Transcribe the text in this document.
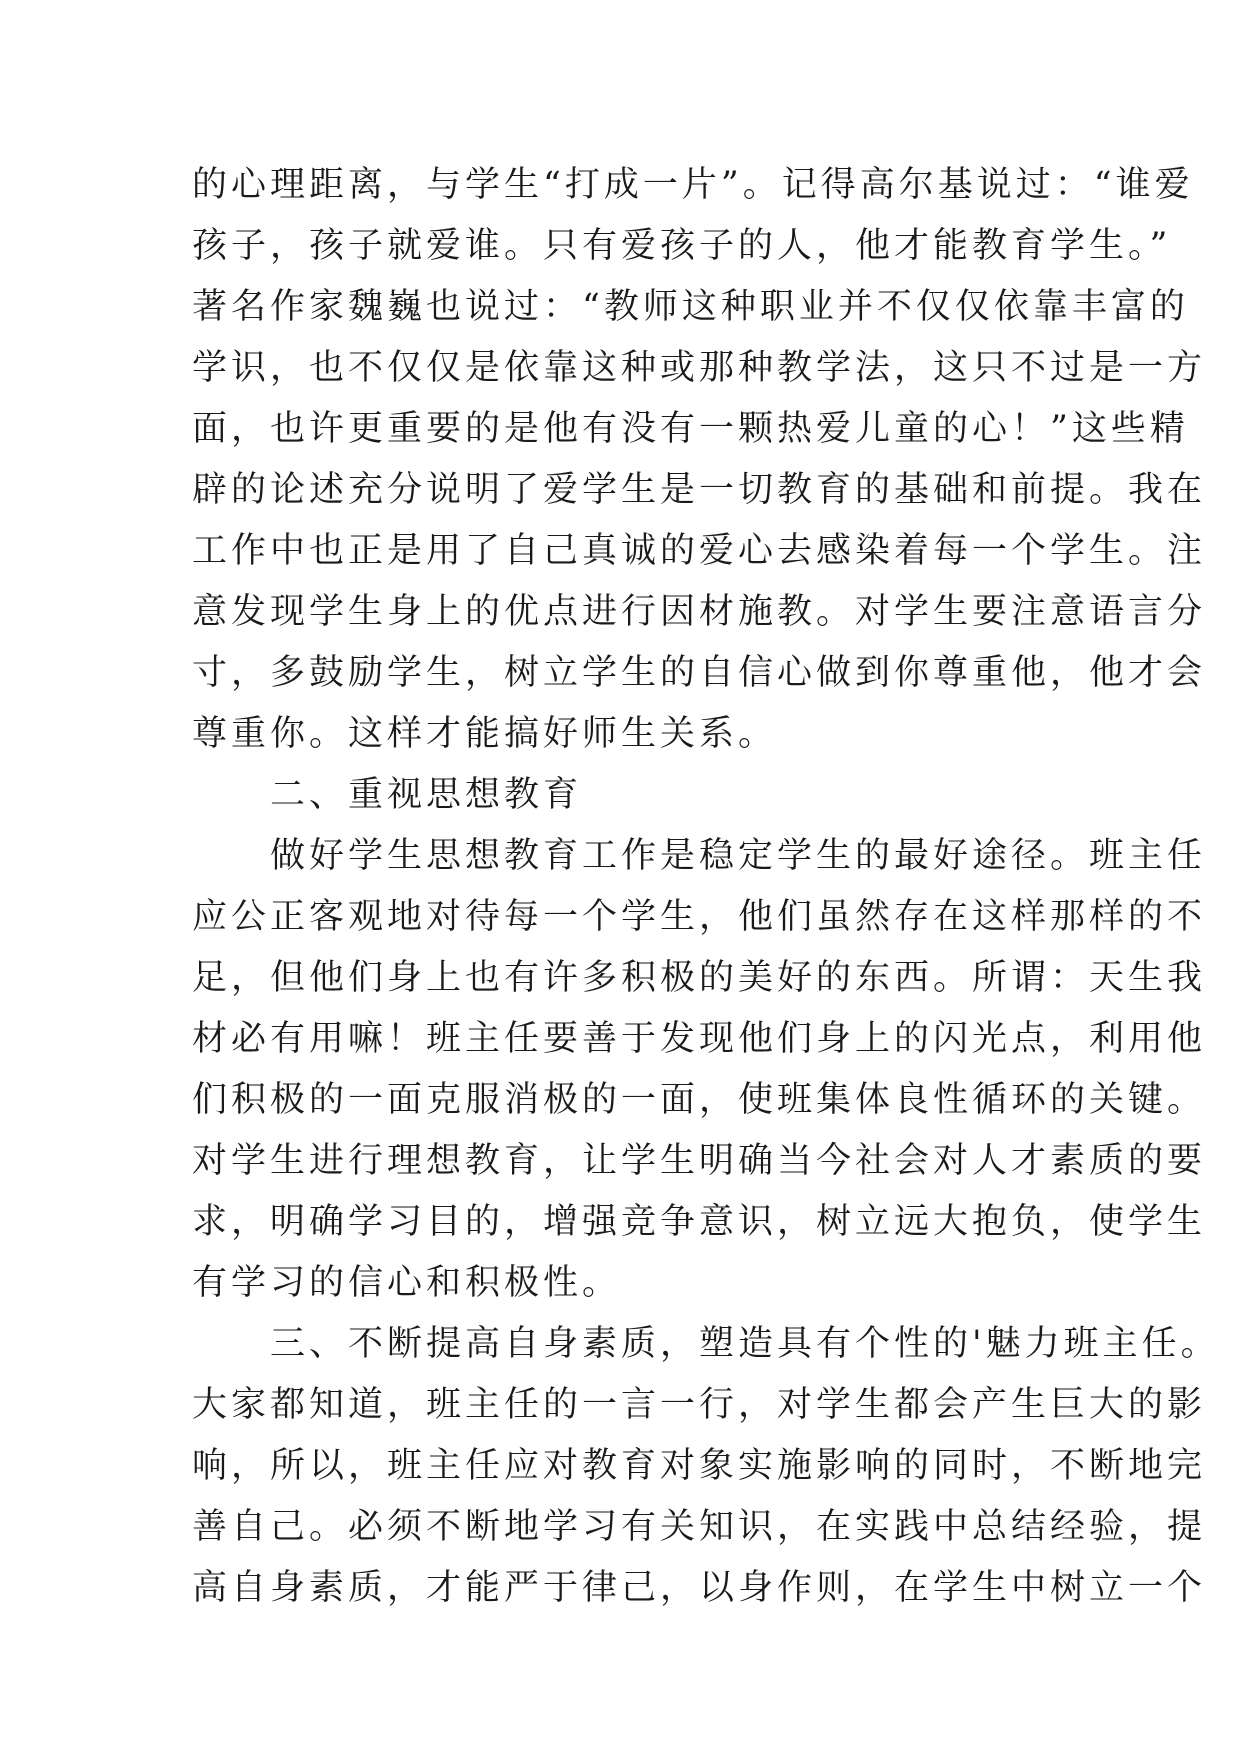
的心理距离，与学生“打成一片”。记得高尔基说过：“谁爱
孩子，孩子就爱谁。只有爱孩子的人，他才能教育学生。”
著名作家魏巍也说过：“教师这种职业并不仅仅依靠丰富的
学识，也不仅仅是依靠这种或那种教学法，这只不过是一方
面，也许更重要的是他有没有一颗热爱儿童的心！”这些精
辟的论述充分说明了爱学生是一切教育的基础和前提。我在
工作中也正是用了自己真诚的爱心去感染着每一个学生。注
意发现学生身上的优点进行因材施教。对学生要注意语言分
寸，多鼓励学生，树立学生的自信心做到你尊重他，他才会
尊重你。这样才能搞好师生关系。
二、重视思想教育
做好学生思想教育工作是稳定学生的最好途径。班主任
应公正客观地对待每一个学生，他们虽然存在这样那样的不
足，但他们身上也有许多积极的美好的东西。所谓：天生我
材必有用嘛！班主任要善于发现他们身上的闪光点，利用他
们积极的一面克服消极的一面，使班集体良性循环的关键。
对学生进行理想教育，让学生明确当今社会对人才素质的要
求，明确学习目的，增强竞争意识，树立远大抱负，使学生
有学习的信心和积极性。
三、不断提高自身素质，塑造具有个性的'魅力班主任。
大家都知道，班主任的一言一行，对学生都会产生巨大的影
响，所以，班主任应对教育对象实施影响的同时，不断地完
善自己。必须不断地学习有关知识，在实践中总结经验，提
高自身素质，才能严于律己，以身作则，在学生中树立一个
